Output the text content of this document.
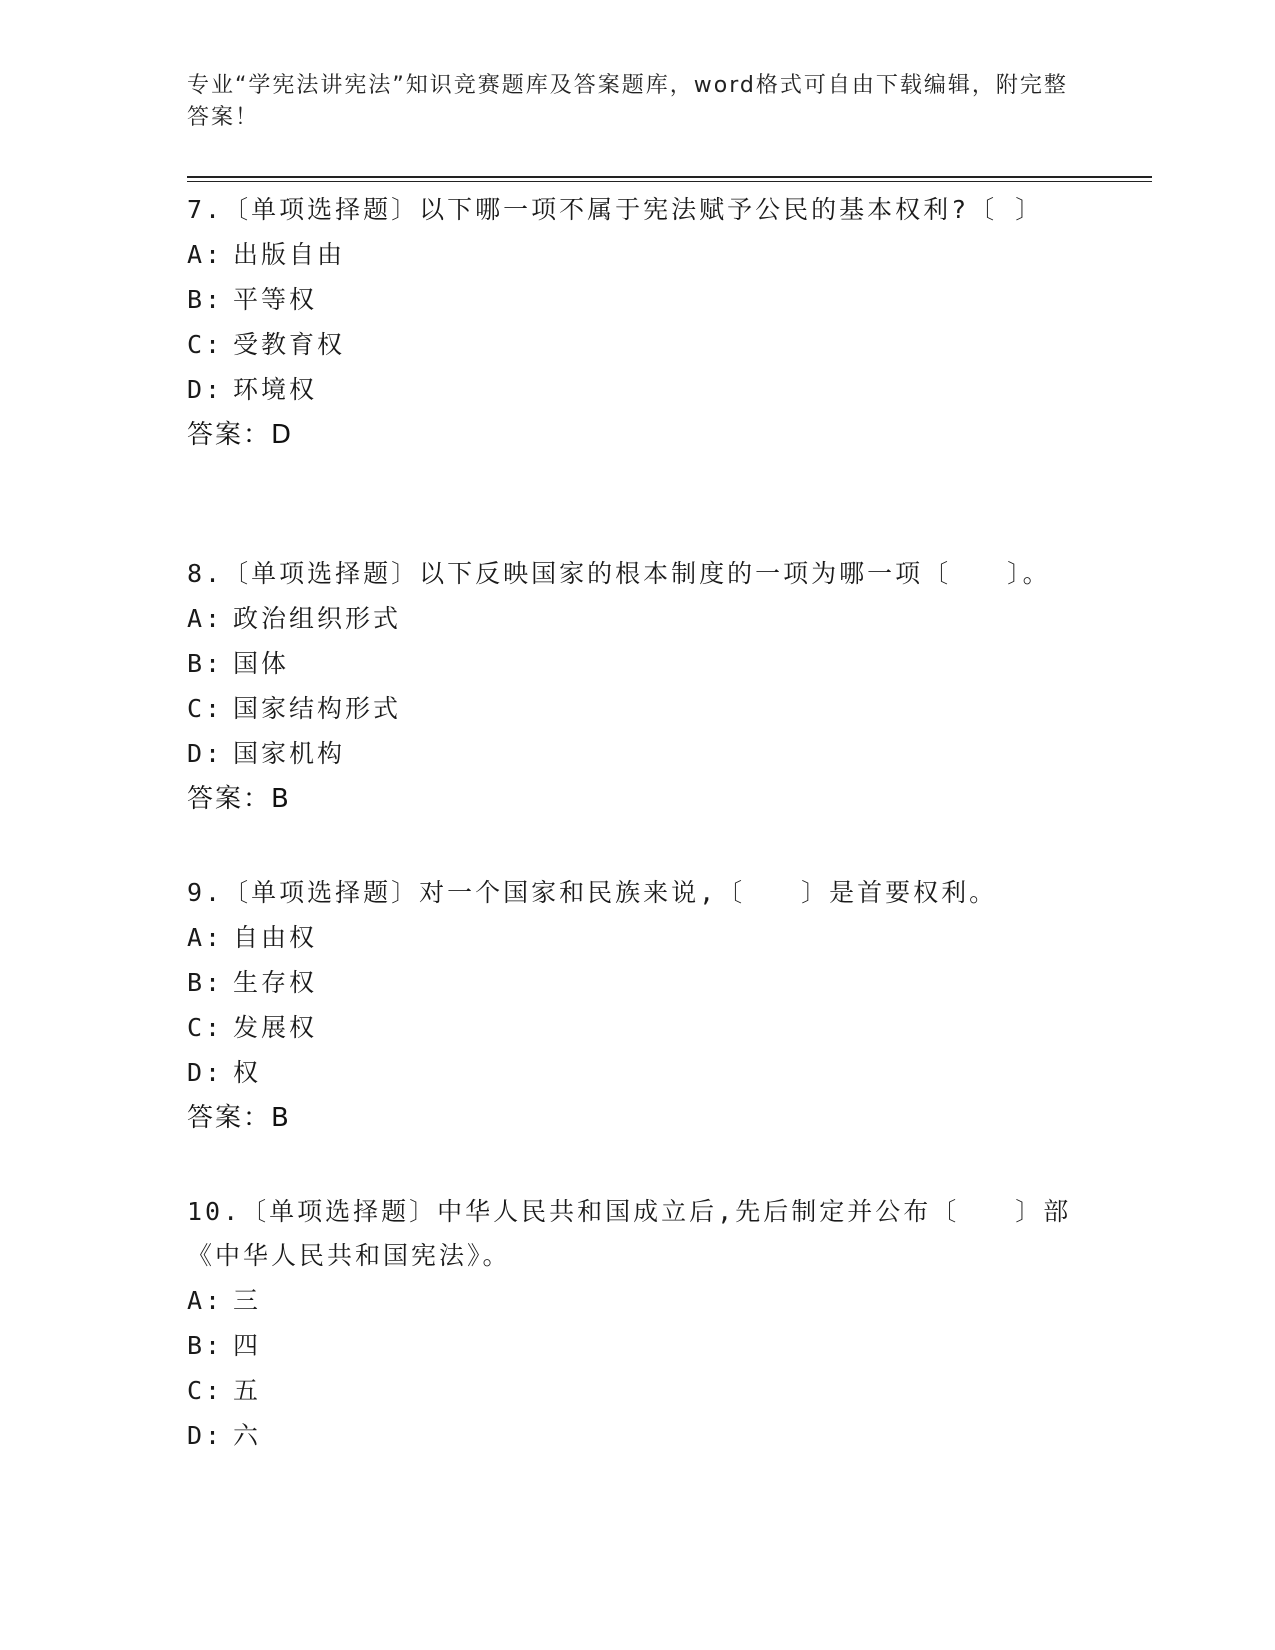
专业“学宪法讲宪法”知识竞赛题库及答案题库，word格式可自由下载编辑，附完整答案！
7.〔单项选择题〕以下哪一项不属于宪法赋予公民的基本权利?〔 〕
A: 出版自由
B: 平等权
C: 受教育权
D: 环境权
答案：D
8.〔单项选择题〕以下反映国家的根本制度的一项为哪一项〔　　〕。
A: 政治组织形式
B: 国体
C: 国家结构形式
D: 国家机构
答案：B
9.〔单项选择题〕对一个国家和民族来说,〔　　〕是首要权利。
A: 自由权
B: 生存权
C: 发展权
D: 权
答案：B
10.〔单项选择题〕中华人民共和国成立后,先后制定并公布〔　　〕部《中华人民共和国宪法》。
A: 三
B: 四
C: 五
D: 六
